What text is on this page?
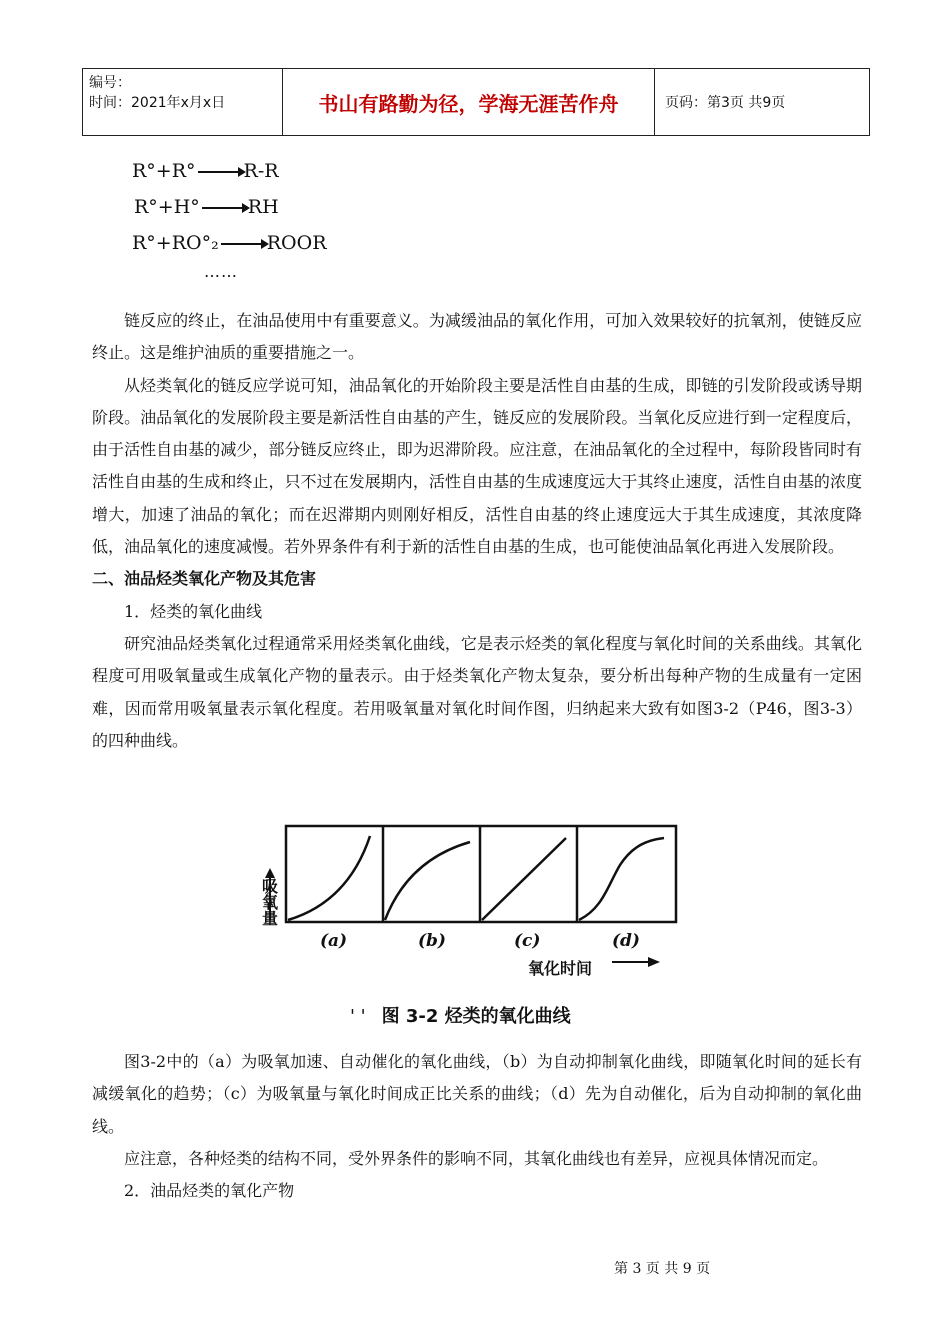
编号：
时间：2021年x月x日	书山有路勤为径，学海无涯苦作舟	页码：第3页 共9页
R°+R°	R-R
R°+H°	RH
R°+RO°₂	ROOR
……

链反应的终止，在油品使用中有重要意义。为减缓油品的氧化作用，可加入效果较好的抗氧剂，使链反应终止。这是维护油质的重要措施之一。

从烃类氧化的链反应学说可知，油品氧化的开始阶段主要是活性自由基的生成，即链的引发阶段或诱导期阶段。油品氧化的发展阶段主要是新活性自由基的产生，链反应的发展阶段。当氧化反应进行到一定程度后，由于活性自由基的减少，部分链反应终止，即为迟滞阶段。应注意，在油品氧化的全过程中，每阶段皆同时有活性自由基的生成和终止，只不过在发展期内，活性自由基的生成速度远大于其终止速度，活性自由基的浓度增大，加速了油品的氧化；而在迟滞期内则刚好相反，活性自由基的终止速度远大于其生成速度，其浓度降低，油品氧化的速度减慢。若外界条件有利于新的活性自由基的生成，也可能使油品氧化再进入发展阶段。

二、油品烃类氧化产物及其危害

1．烃类的氧化曲线

研究油品烃类氧化过程通常采用烃类氧化曲线，它是表示烃类的氧化程度与氧化时间的关系曲线。其氧化程度可用吸氧量或生成氧化产物的量表示。由于烃类氧化产物太复杂，要分析出每种产物的生成量有一定困难，因而常用吸氧量表示氧化程度。若用吸氧量对氧化时间作图，归纳起来大致有如图3-2（P46，图3-3）的四种曲线。

吸 氧 量
(a)	(b)	(c)	(d)
氧化时间
' ' 图 3-2 烃类的氧化曲线

图3-2中的（a）为吸氧加速、自动催化的氧化曲线，（b）为自动抑制氧化曲线，即随氧化时间的延长有减缓氧化的趋势；（c）为吸氧量与氧化时间成正比关系的曲线；（d）先为自动催化，后为自动抑制的氧化曲线。

应注意，各种烃类的结构不同，受外界条件的影响不同，其氧化曲线也有差异，应视具体情况而定。

2．油品烃类的氧化产物

第 3 页 共 9 页
